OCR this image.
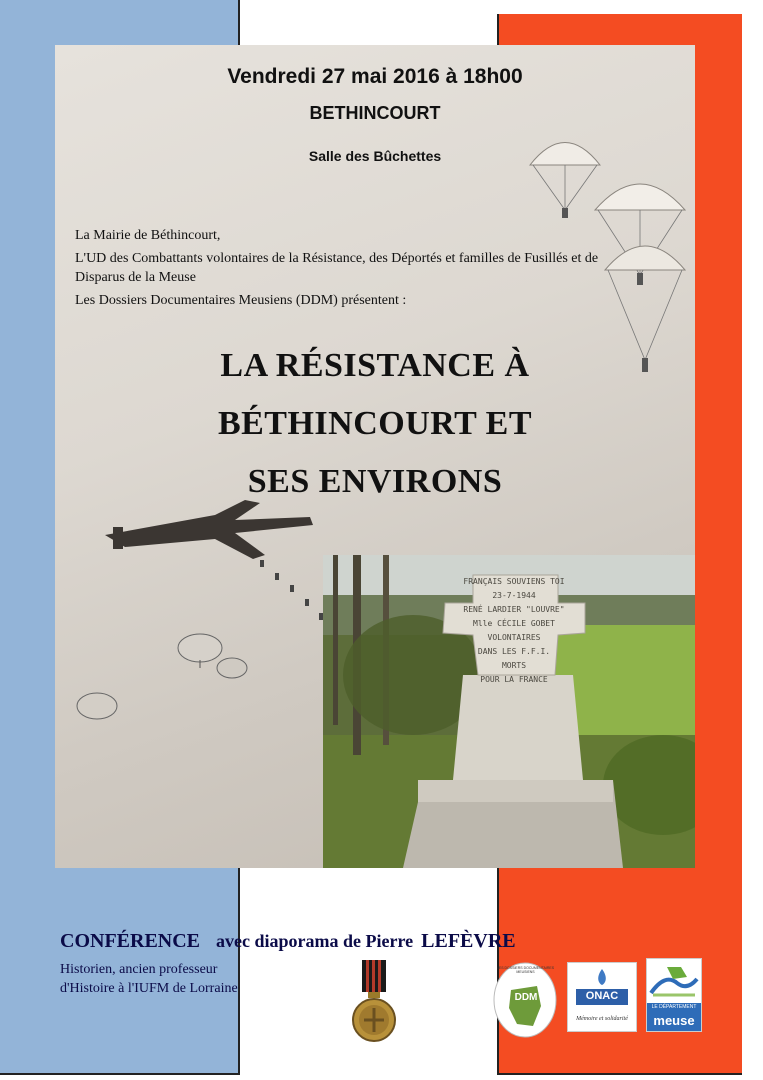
Vendredi 27 mai 2016 à 18h00
BETHINCOURT
Salle des Bûchettes

La Mairie de Béthincourt,

L'UD des Combattants volontaires de la Résistance, des Déportés et familles de Fusillés et de Disparus de la Meuse

Les Dossiers Documentaires Meusiens (DDM) présentent :

LA RÉSISTANCE À
BÉTHINCOURT ET
SES ENVIRONS
FRANÇAIS SOUVIENS TOI
23-7-1944
RENÉ LARDIER "LOUVRE"
Mlle CÉCILE GOBET
VOLONTAIRES
DANS LES F.F.I.
MORTS
POUR LA FRANCE
CONFÉRENCE avec diaporama de Pierre LEFÈVRE
Historien, ancien professeur
d'Histoire à l'IUFM de Lorraine
DDM
LES DOSSIERS DOCUMENTAIRES MEUSIENS
ONAC
Mémoire et solidarité
LE DÉPARTEMENT
meuse
